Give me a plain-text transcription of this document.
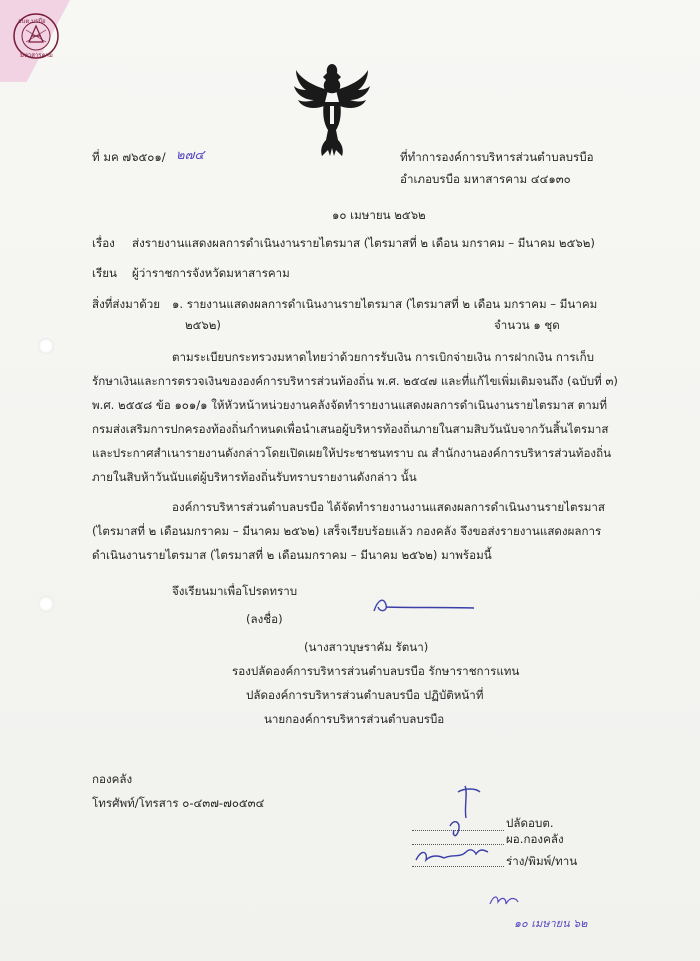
อบต.บรบือ
มหาสารคาม
ที่ มค ๗๖๕๐๑/ ๒๗๔	ที่ทำการองค์การบริหารส่วนตำบลบรบือ
อำเภอบรบือ มหาสารคาม ๔๔๑๓๐
๑๐ เมษายน ๒๕๖๒
เรื่อง ส่งรายงานแสดงผลการดำเนินงานรายไตรมาส (ไตรมาสที่ ๒ เดือน มกราคม – มีนาคม ๒๕๖๒)
เรียน ผู้ว่าราชการจังหวัดมหาสารคาม
สิ่งที่ส่งมาด้วย ๑. รายงานแสดงผลการดำเนินงานรายไตรมาส (ไตรมาสที่ ๒ เดือน มกราคม – มีนาคม
๒๕๖๒)	จำนวน ๑ ชุด
ตามระเบียบกระทรวงมหาดไทยว่าด้วยการรับเงิน การเบิกจ่ายเงิน การฝากเงิน การเก็บ
รักษาเงินและการตรวจเงินขององค์การบริหารส่วนท้องถิ่น พ.ศ. ๒๕๔๗ และที่แก้ไขเพิ่มเติมจนถึง (ฉบับที่ ๓)
พ.ศ. ๒๕๕๘ ข้อ ๑๐๑/๑ ให้หัวหน้าหน่วยงานคลังจัดทำรายงานแสดงผลการดำเนินงานรายไตรมาส ตามที่
กรมส่งเสริมการปกครองท้องถิ่นกำหนดเพื่อนำเสนอผู้บริหารท้องถิ่นภายในสามสิบวันนับจากวันสิ้นไตรมาส
และประกาศสำเนารายงานดังกล่าวโดยเปิดเผยให้ประชาชนทราบ ณ สำนักงานองค์การบริหารส่วนท้องถิ่น
ภายในสิบห้าวันนับแต่ผู้บริหารท้องถิ่นรับทราบรายงานดังกล่าว นั้น
องค์การบริหารส่วนตำบลบรบือ ได้จัดทำรายงานงานแสดงผลการดำเนินงานรายไตรมาส
(ไตรมาสที่ ๒ เดือนมกราคม – มีนาคม ๒๕๖๒) เสร็จเรียบร้อยแล้ว กองคลัง จึงขอส่งรายงานแสดงผลการ
ดำเนินงานรายไตรมาส (ไตรมาสที่ ๒ เดือนมกราคม – มีนาคม ๒๕๖๒) มาพร้อมนี้
จึงเรียนมาเพื่อโปรดทราบ
(ลงชื่อ)
(นางสาวบุษราคัม รัตนา)
รองปลัดองค์การบริหารส่วนตำบลบรบือ รักษาราชการแทน
ปลัดองค์การบริหารส่วนตำบลบรบือ ปฏิบัติหน้าที่
นายกองค์การบริหารส่วนตำบลบรบือ
กองคลัง
โทรศัพท์/โทรสาร ๐-๔๓๗-๗๐๕๓๔
ปลัดอบต.
ผอ.กองคลัง
ร่าง/พิมพ์/ทาน
๑๐ เมษายน ๖๒
